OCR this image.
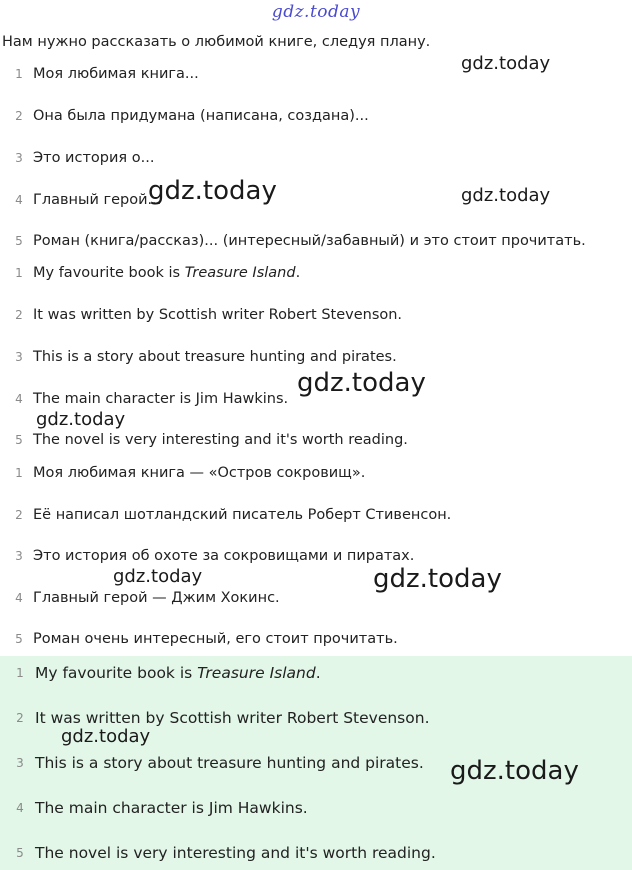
gdz.today
Нам нужно рассказать о любимой книге, следуя плану.
1 Моя любимая книга...
2 Она была придумана (написана, создана)...
3 Это история о...
4 Главный герой...
5 Роман (книга/рассказ)... (интересный/забавный) и это стоит прочитать.
1 My favourite book is Treasure Island.
2 It was written by Scottish writer Robert Stevenson.
3 This is a story about treasure hunting and pirates.
4 The main character is Jim Hawkins.
5 The novel is very interesting and it's worth reading.
1 Моя любимая книга — «Остров сокровищ».
2 Её написал шотландский писатель Роберт Стивенсон.
3 Это история об охоте за сокровищами и пиратах.
4 Главный герой — Джим Хокинс.
5 Роман очень интересный, его стоит прочитать.
1 My favourite book is Treasure Island.
2 It was written by Scottish writer Robert Stevenson.
3 This is a story about treasure hunting and pirates.
4 The main character is Jim Hawkins.
5 The novel is very interesting and it's worth reading.
gdz.today
gdz.today	gdz.today
gdz.today
gdz.today
gdz.today	gdz.today
gdz.today
gdz.today
